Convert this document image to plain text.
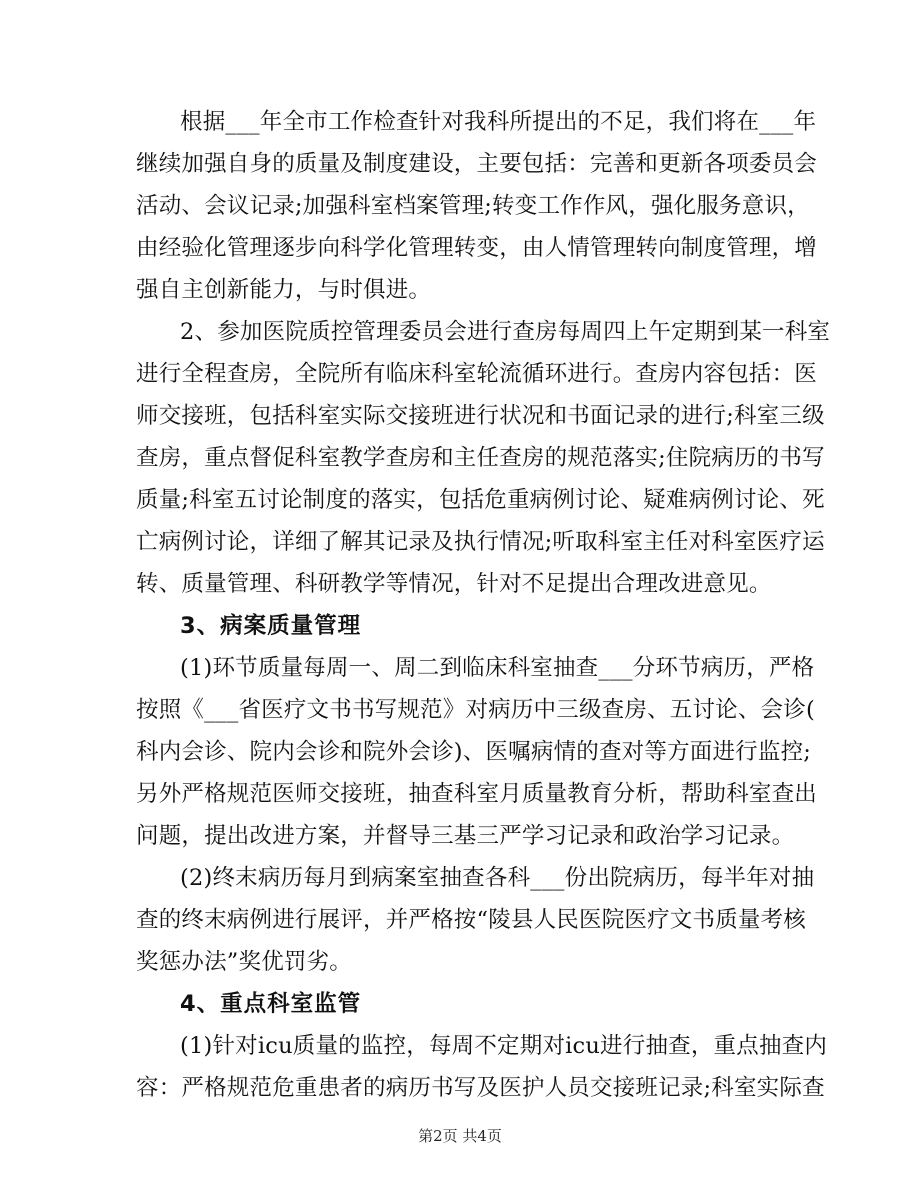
根据___年全市工作检查针对我科所提出的不足，我们将在___年
继续加强自身的质量及制度建设，主要包括：完善和更新各项委员会
活动、会议记录;加强科室档案管理;转变工作作风，强化服务意识，
由经验化管理逐步向科学化管理转变，由人情管理转向制度管理，增
强自主创新能力，与时俱进。
2、参加医院质控管理委员会进行查房每周四上午定期到某一科室
进行全程查房，全院所有临床科室轮流循环进行。查房内容包括：医
师交接班，包括科室实际交接班进行状况和书面记录的进行;科室三级
查房，重点督促科室教学查房和主任查房的规范落实;住院病历的书写
质量;科室五讨论制度的落实，包括危重病例讨论、疑难病例讨论、死
亡病例讨论，详细了解其记录及执行情况;听取科室主任对科室医疗运
转、质量管理、科研教学等情况，针对不足提出合理改进意见。
3、病案质量管理
(1)环节质量每周一、周二到临床科室抽查___分环节病历，严格
按照《___省医疗文书书写规范》对病历中三级查房、五讨论、会诊(
科内会诊、院内会诊和院外会诊)、医嘱病情的查对等方面进行监控;
另外严格规范医师交接班，抽查科室月质量教育分析，帮助科室查出
问题，提出改进方案，并督导三基三严学习记录和政治学习记录。
(2)终末病历每月到病案室抽查各科___份出院病历，每半年对抽
查的终末病例进行展评，并严格按“陵县人民医院医疗文书质量考核
奖惩办法”奖优罚劣。
4、重点科室监管
(1)针对icu质量的监控，每周不定期对icu进行抽查，重点抽查内
容：严格规范危重患者的病历书写及医护人员交接班记录;科室实际查
第2页 共4页
